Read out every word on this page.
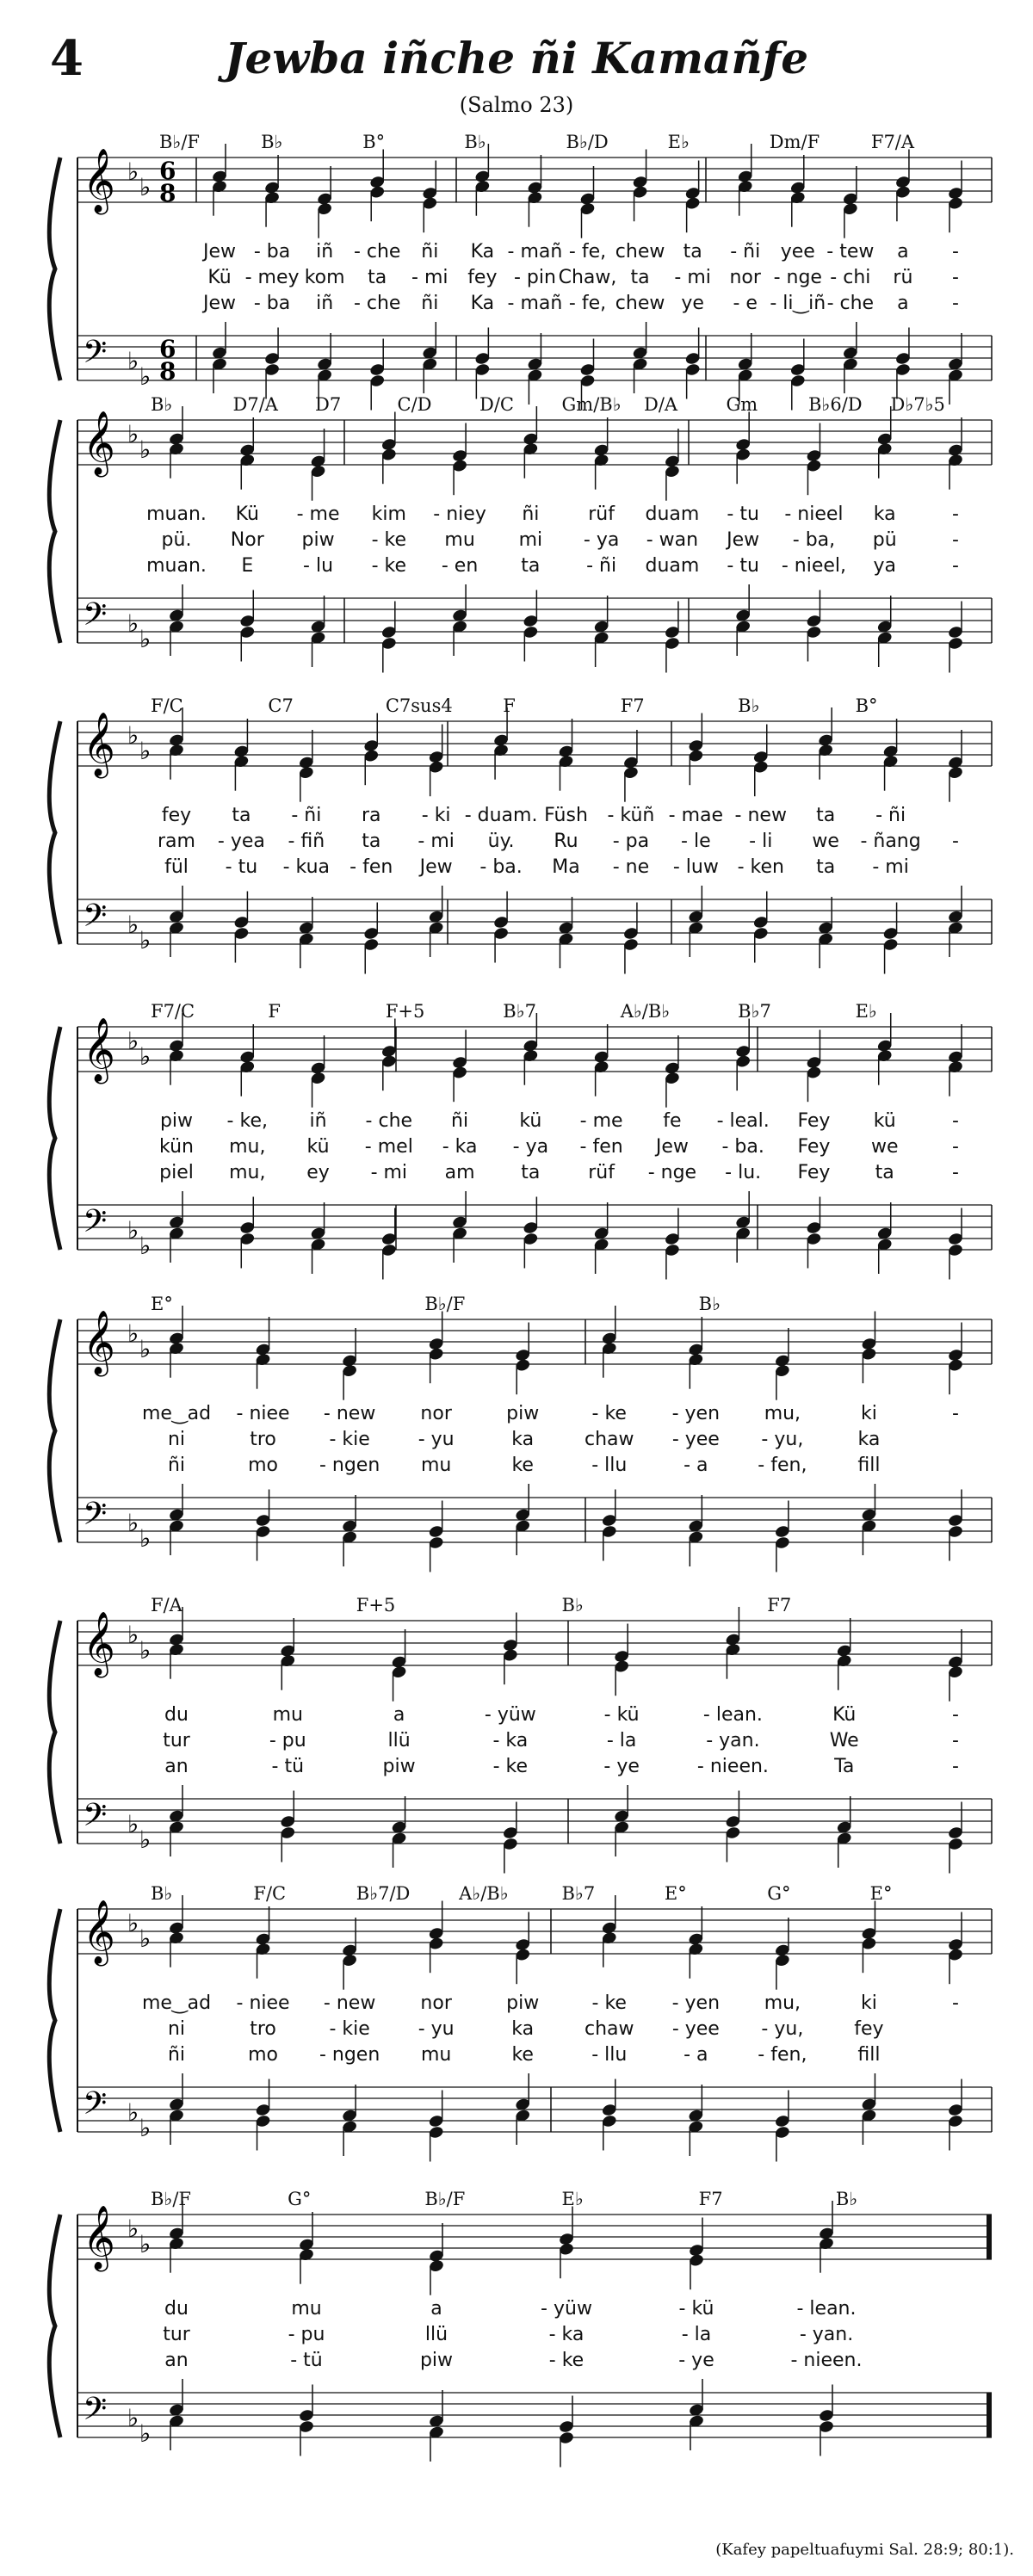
4	Jewba iñche ñi Kamañfe
(Salmo 23)
𝄞 ♭
♭
6
8
𝄢 ♭
♭
6
8
B♭/F	B♭	B°	B♭	B♭/D	E♭	Dm/F	F7/A
Jew - ba iñ - che ñi Ka - mañ - fe, chew ta - ñi yee - tew a -
Kü - mey kom ta - mi fey - pin Chaw, ta - mi nor - nge - chi rü -
Jew - ba iñ - che ñi Ka - mañ - fe, chew ye - e - li‿iñ - che a -
𝄞 ♭
♭
𝄢 ♭
♭
B♭	D7/A D7	C/D	D/C	Gm/B♭ D/A	Gm	B♭6/D D♭7♭5
muan. Kü - me kim - niey ñi	rüf duam - tu - nieel ka	-
pü. Nor piw - ke mu mi - ya - wan Jew - ba, pü	-
muan. E	- lu - ke - en ta - ñi duam - tu - nieel, ya	-
𝄞 ♭
♭
𝄢 ♭
♭
F/C	C7	C7sus4	F	F7	B♭	B°
fey ta - ñi ra - ki - duam. Füsh - küñ - mae - new ta - ñi
ram - yea - fiñ ta - mi üy. Ru - pa - le - li we - ñang -
fül - tu - kua - fen Jew - ba. Ma - ne - luw - ken ta - mi
𝄞 ♭
♭
𝄢 ♭
♭
F7/C	F	F+5	B♭7	A♭/B♭	B♭7	E♭
piw - ke, iñ - che ñi	kü - me fe - leal. Fey kü	-
kün mu, kü - mel - ka - ya - fen Jew - ba. Fey we	-
piel mu, ey - mi am ta	rüf - nge - lu. Fey ta	-
𝄞 ♭
♭
𝄢 ♭
♭
E°	B♭/F	B♭
me‿ad - niee - new nor	piw	- ke - yen mu,	ki	-
ni	tro	- kie	- yu	ka	chaw - yee - yu,	ka
ñi	mo - ngen mu	ke	- llu	- a	- fen,	fill
𝄞 ♭
♭
𝄢 ♭
♭
F/A	F+5	B♭	F7
du	mu	a	- yüw	- kü	- lean.	Kü	-
tur	- pu	llü	- ka	- la	- yan.	We	-
an	- tü	piw	- ke	- ye	- nieen.	Ta	-
𝄞 ♭
♭
𝄢 ♭
♭
B♭	F/C	B♭7/D	A♭/B♭	B♭7	E°	G°	E°
me‿ad - niee - new nor	piw	- ke - yen mu,	ki	-
ni	tro	- kie	- yu	ka	chaw - yee - yu,	fey
ñi	mo - ngen mu	ke	- llu	- a	- fen,	fill
𝄞 ♭
♭
𝄢 ♭
♭
B♭/F	G°	B♭/F	E♭	F7	B♭
du	mu	a	- yüw	- kü	- lean.
tur	- pu	llü	- ka	- la	- yan.
an	- tü	piw	- ke	- ye	- nieen.
(Kafey papeltuafuymi Sal. 28:9; 80:1).
